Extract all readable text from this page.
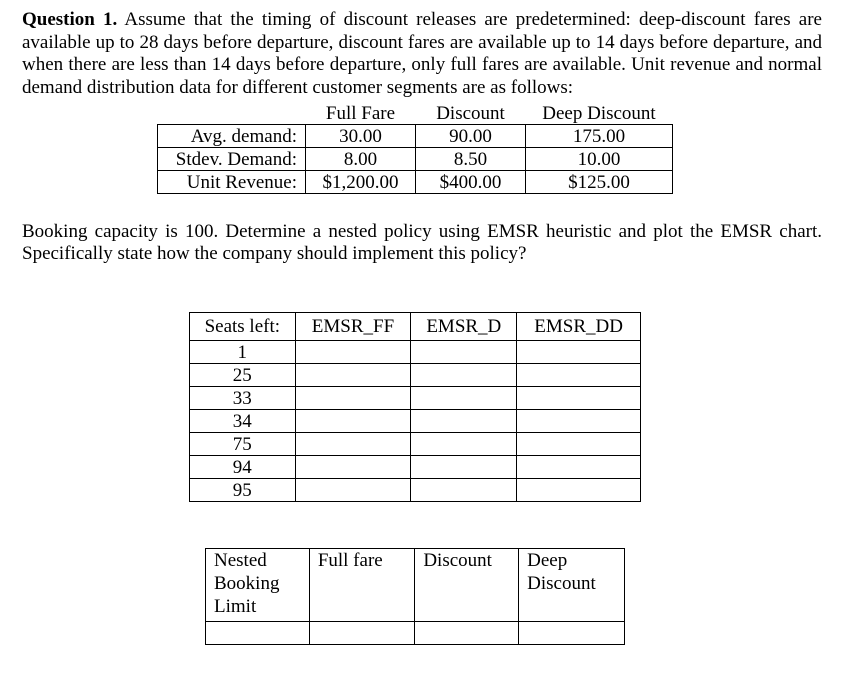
Question 1. Assume that the timing of discount releases are predetermined: deep-discount fares are available up to 28 days before departure, discount fares are available up to 14 days before departure, and when there are less than 14 days before departure, only full fares are available. Unit revenue and normal demand distribution data for different customer segments are as follows:

	Full Fare	Discount	Deep Discount
Avg. demand:	30.00	90.00	175.00
Stdev. Demand:	8.00	8.50	10.00
Unit Revenue:	$1,200.00	$400.00	$125.00

Booking capacity is 100. Determine a nested policy using EMSR heuristic and plot the EMSR chart. Specifically state how the company should implement this policy?

Seats left:	EMSR_FF	EMSR_D	EMSR_DD
1			
25			
33			
34			
75			
94			
95			
Nested Booking Limit	Full fare	Discount	Deep Discount
